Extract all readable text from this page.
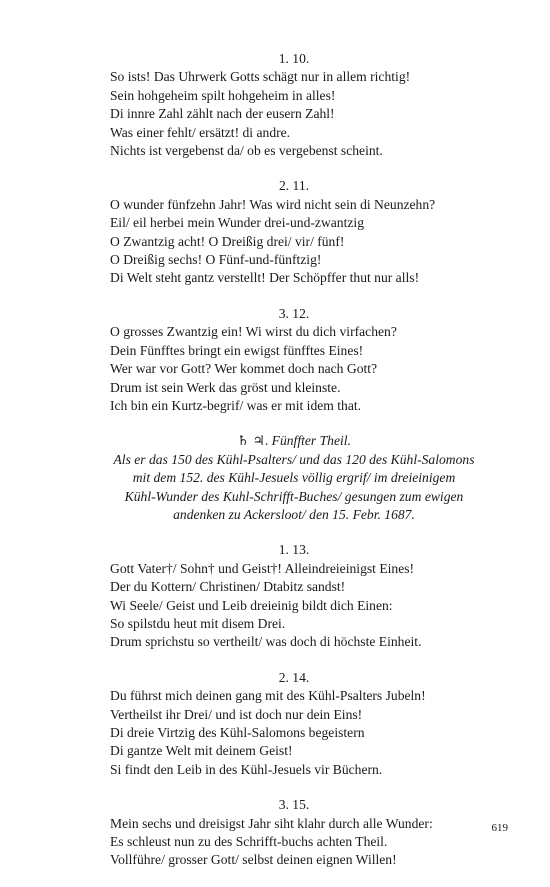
1. 10.
So ists! Das Uhrwerk Gotts schägt nur in allem richtig!
Sein hohgeheim spilt hohgeheim in alles!
Di innre Zahl zählt nach der eusern Zahl!
Was einer fehlt/ ersätzt! di andre.
Nichts ist vergebenst da/ ob es vergebenst scheint.
2. 11.
O wunder fünfzehn Jahr! Was wird nicht sein di Neunzehn?
Eil/ eil herbei mein Wunder drei-und-zwantzig
O Zwantzig acht! O Dreißig drei/ vir/ fünf!
O Dreißig sechs! O Fünf-und-fünftzig!
Di Welt steht gantz verstellt! Der Schöpffer thut nur alls!
3. 12.
O grosses Zwantzig ein! Wi wirst du dich virfachen?
Dein Fünfftes bringt ein ewigst fünfftes Eines!
Wer war vor Gott? Wer kommet doch nach Gott?
Drum ist sein Werk das gröst und kleinste.
Ich bin ein Kurtz-begrif/ was er mit idem that.
♄ ♃. Fünffter Theil.
Als er das 150 des Kühl-Psalters/ und das 120 des Kühl-Salomons
mit dem 152. des Kühl-Jesuels völlig ergrif/ im dreieinigem
Kühl-Wunder des Kuhl-Schrifft-Buches/ gesungen zum ewigen
andenken zu Ackersloot/ den 15. Febr. 1687.
1. 13.
Gott Vater†/ Sohn† und Geist†! Alleindreieinigst Eines!
Der du Kottern/ Christinen/ Dtabitz sandst!
Wi Seele/ Geist und Leib dreieinig bildt dich Einen:
So spilstdu heut mit disem Drei.
Drum sprichstu so vertheilt/ was doch di höchste Einheit.
2. 14.
Du führst mich deinen gang mit des Kühl-Psalters Jubeln!
Vertheilst ihr Drei/ und ist doch nur dein Eins!
Di dreie Virtzig des Kühl-Salomons begeistern
Di gantze Welt mit deinem Geist!
Si findt den Leib in des Kühl-Jesuels vir Büchern.
3. 15.
Mein sechs und dreisigst Jahr siht klahr durch alle Wunder:
Es schleust nun zu des Schrifft-buchs achten Theil.
Vollführe/ grosser Gott/ selbst deinen eignen Willen!
619
